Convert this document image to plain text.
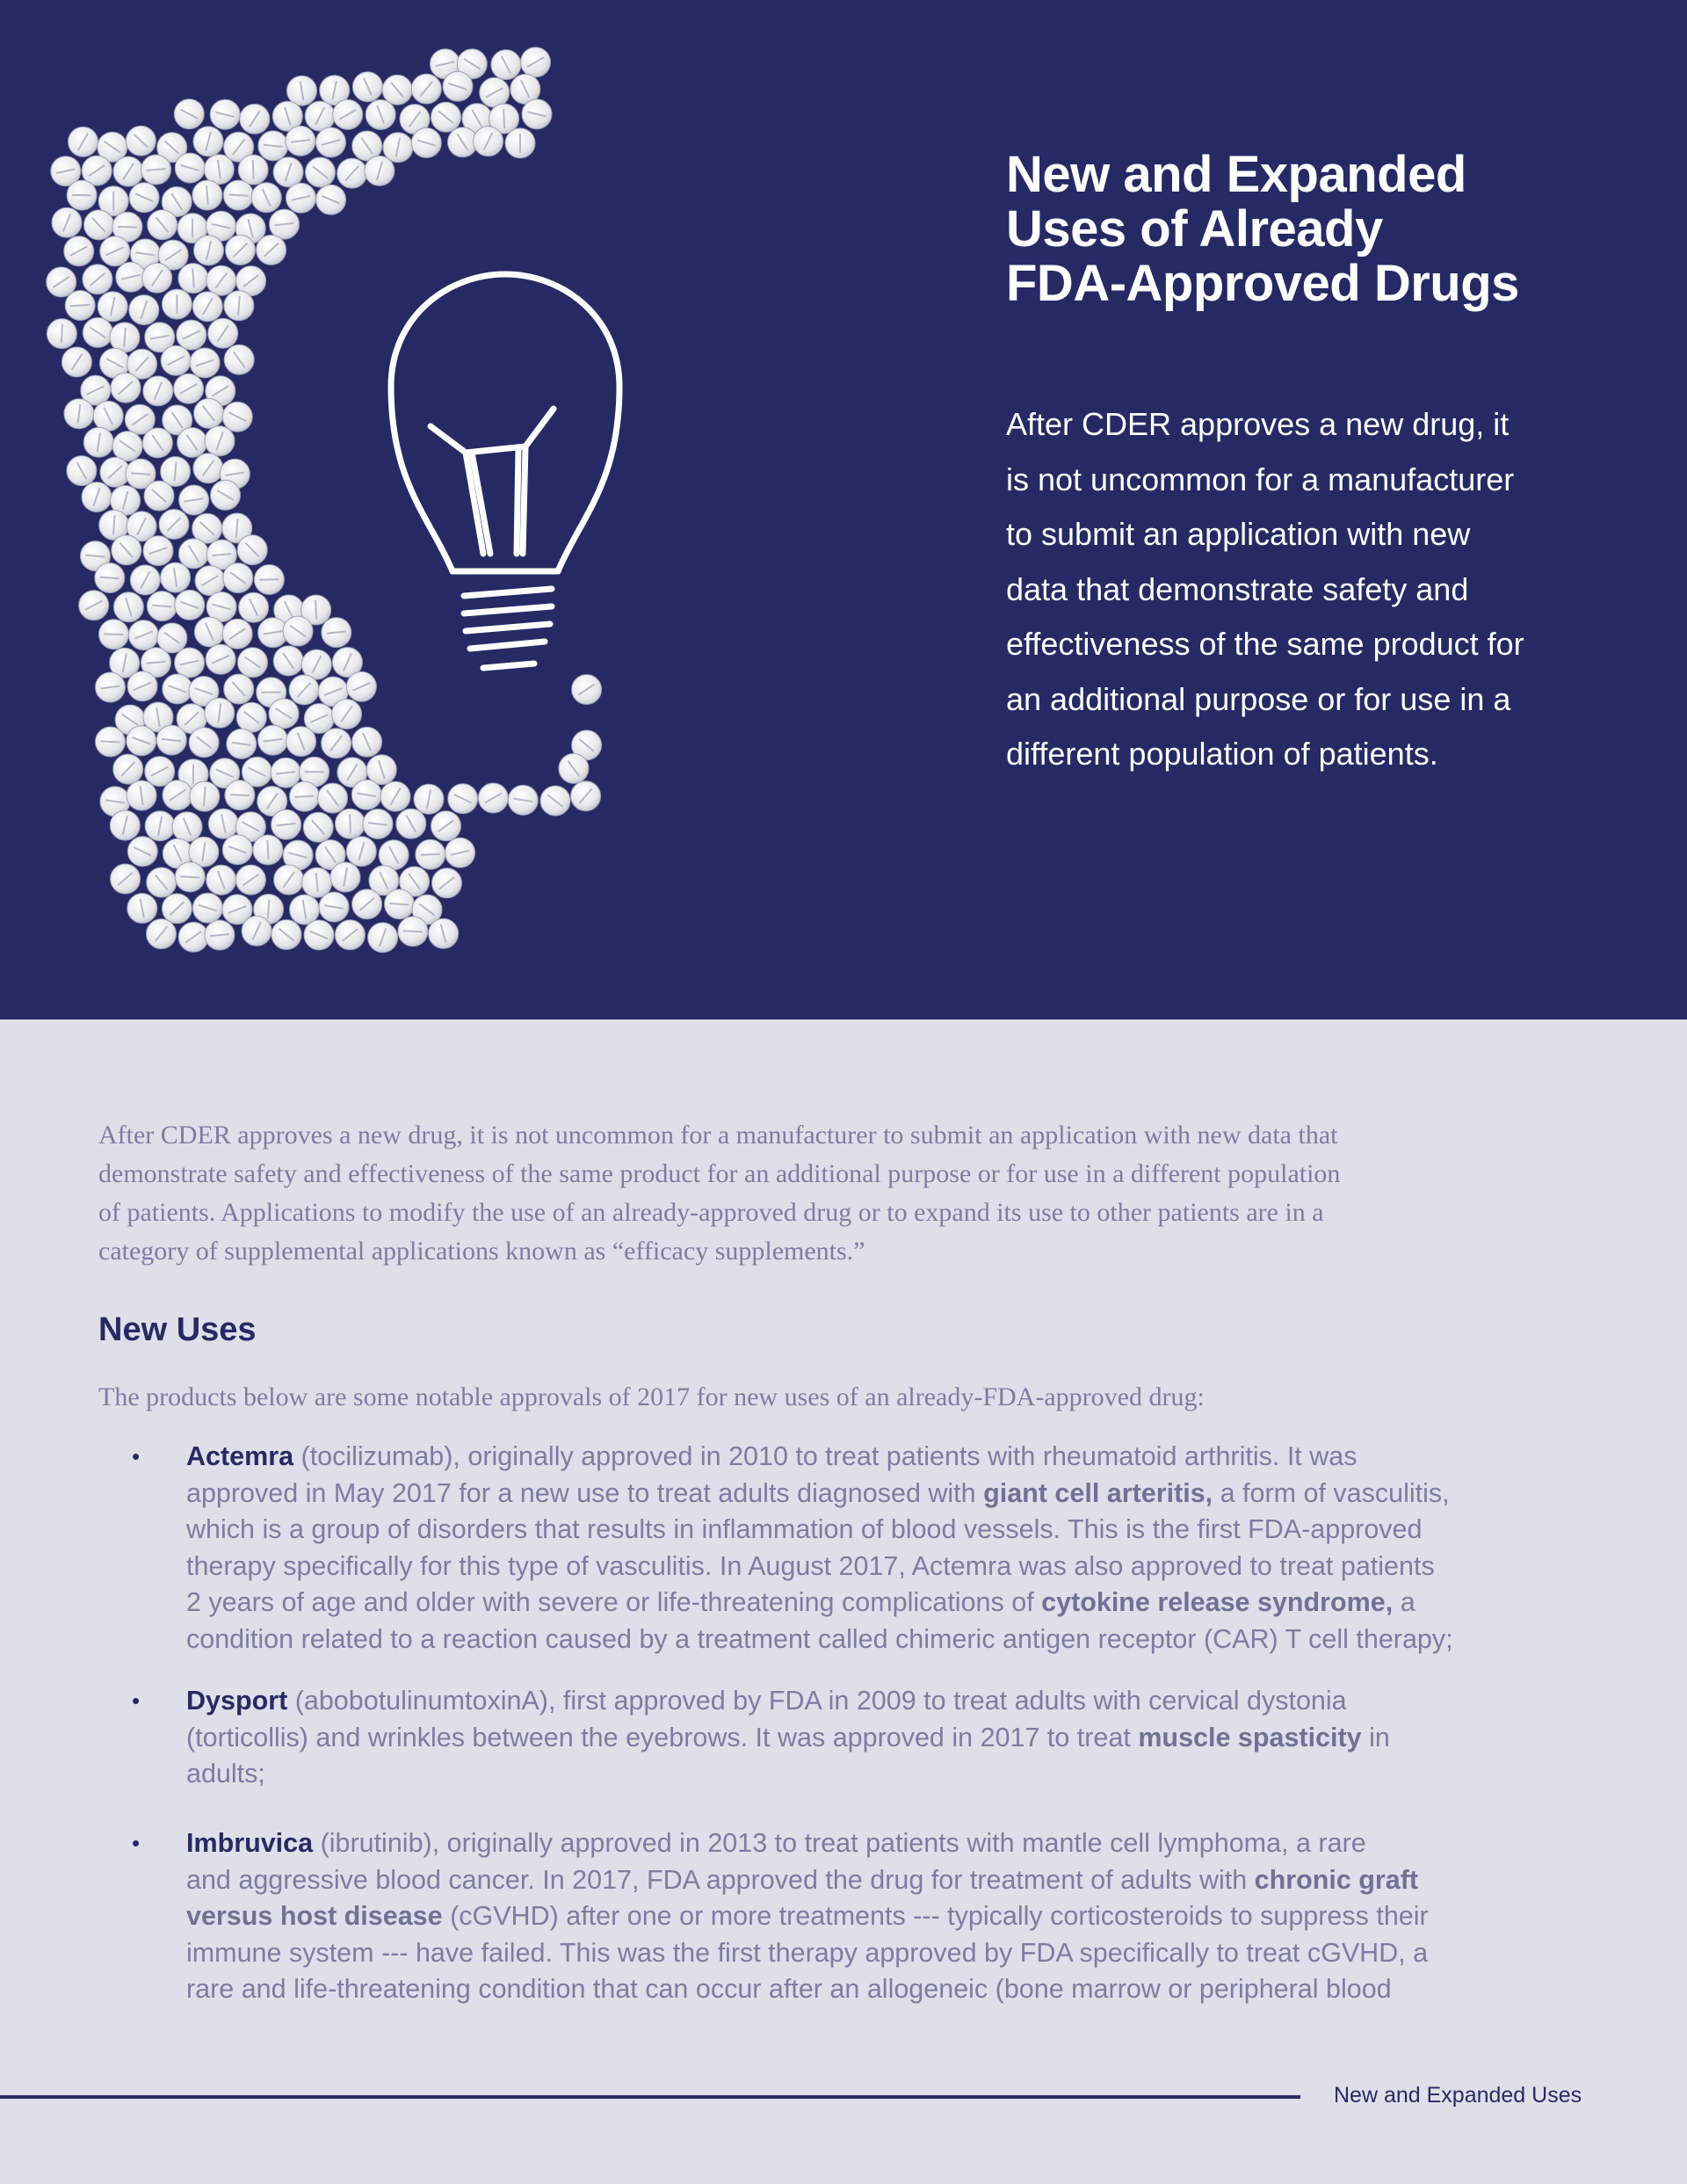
New and Expanded
Uses of Already
FDA-Approved Drugs

After CDER approves a new drug, it
is not uncommon for a manufacturer
to submit an application with new
data that demonstrate safety and
effectiveness of the same product for
an additional purpose or for use in a
different population of patients.

After CDER approves a new drug, it is not uncommon for a manufacturer to submit an application with new data that
demonstrate safety and effectiveness of the same product for an additional purpose or for use in a different population
of patients. Applications to modify the use of an already-approved drug or to expand its use to other patients are in a
category of supplemental applications known as “efficacy supplements.”

New Uses

The products below are some notable approvals of 2017 for new uses of an already-FDA-approved drug:

• Actemra (tocilizumab), originally approved in 2010 to treat patients with rheumatoid arthritis. It was
approved in May 2017 for a new use to treat adults diagnosed with giant cell arteritis, a form of vasculitis,
which is a group of disorders that results in inflammation of blood vessels. This is the first FDA-approved
therapy specifically for this type of vasculitis. In August 2017, Actemra was also approved to treat patients
2 years of age and older with severe or life-threatening complications of cytokine release syndrome, a
condition related to a reaction caused by a treatment called chimeric antigen receptor (CAR) T cell therapy;
• Dysport (abobotulinumtoxinA), first approved by FDA in 2009 to treat adults with cervical dystonia
(torticollis) and wrinkles between the eyebrows. It was approved in 2017 to treat muscle spasticity in
adults;
• Imbruvica (ibrutinib), originally approved in 2013 to treat patients with mantle cell lymphoma, a rare
and aggressive blood cancer. In 2017, FDA approved the drug for treatment of adults with chronic graft
versus host disease (cGVHD) after one or more treatments --- typically corticosteroids to suppress their
immune system --- have failed. This was the first therapy approved by FDA specifically to treat cGVHD, a
rare and life-threatening condition that can occur after an allogeneic (bone marrow or peripheral blood

New and Expanded Uses
